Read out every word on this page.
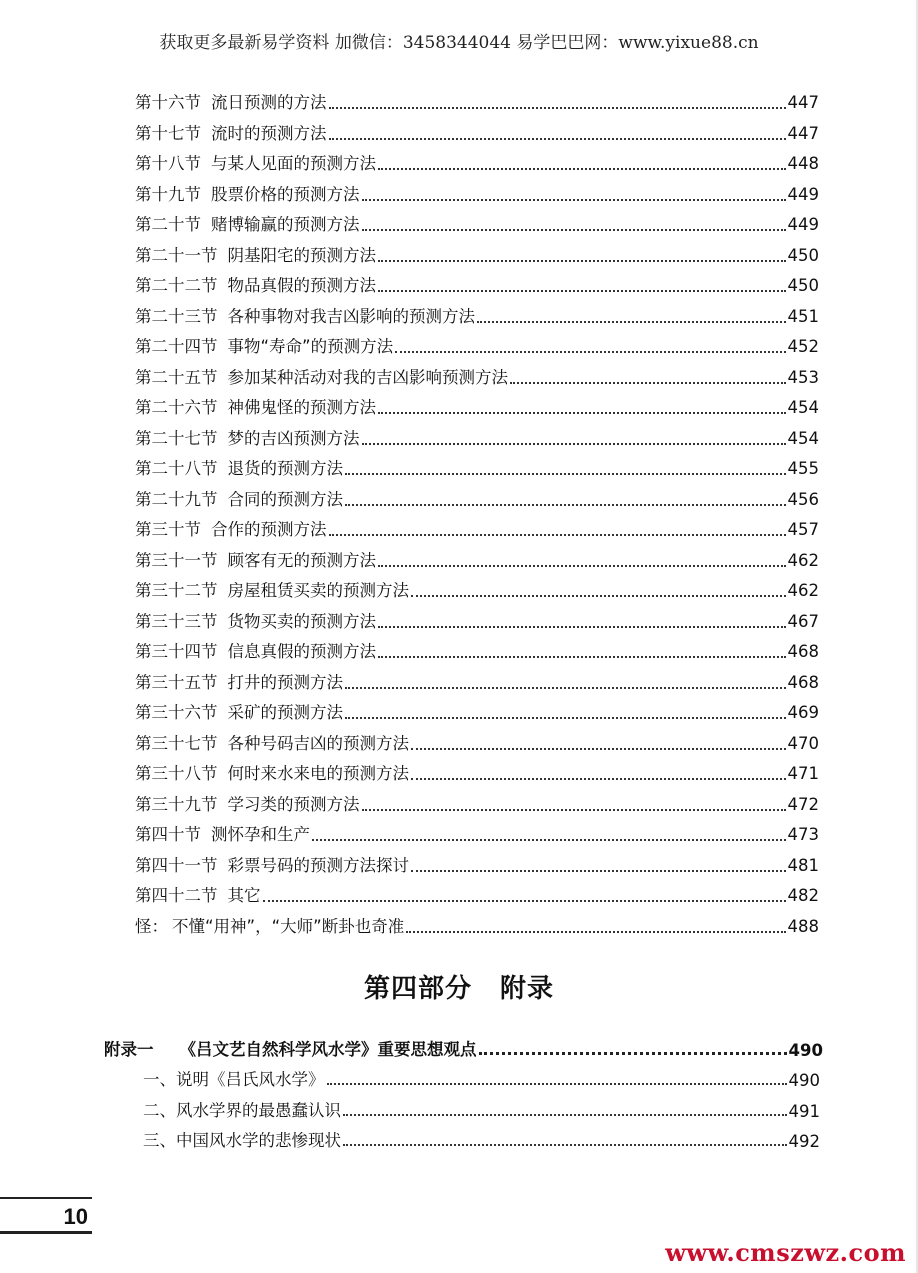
获取更多最新易学资料 加微信：3458344044 易学巴巴网：www.yixue88.cn
第十六节 流日预测的方法	447
第十七节 流时的预测方法	447
第十八节 与某人见面的预测方法	448
第十九节 股票价格的预测方法	449
第二十节 赌博输赢的预测方法	449
第二十一节 阴基阳宅的预测方法	450
第二十二节 物品真假的预测方法	450
第二十三节 各种事物对我吉凶影响的预测方法	451
第二十四节 事物“寿命”的预测方法	452
第二十五节 参加某种活动对我的吉凶影响预测方法	453
第二十六节 神佛鬼怪的预测方法	454
第二十七节 梦的吉凶预测方法	454
第二十八节 退货的预测方法	455
第二十九节 合同的预测方法	456
第三十节 合作的预测方法	457
第三十一节 顾客有无的预测方法	462
第三十二节 房屋租赁买卖的预测方法	462
第三十三节 货物买卖的预测方法	467
第三十四节 信息真假的预测方法	468
第三十五节 打井的预测方法	468
第三十六节 采矿的预测方法	469
第三十七节 各种号码吉凶的预测方法	470
第三十八节 何时来水来电的预测方法	471
第三十九节 学习类的预测方法	472
第四十节 测怀孕和生产	473
第四十一节 彩票号码的预测方法探讨	481
第四十二节 其它	482
怪： 不懂“用神”，“大师”断卦也奇准	488
第四部分 附录
附录一 《吕文艺自然科学风水学》重要思想观点	490
一、说明《吕氏风水学》	490
二、风水学界的最愚蠢认识	491
三、中国风水学的悲惨现状	492
10
www.cmszwz.com
